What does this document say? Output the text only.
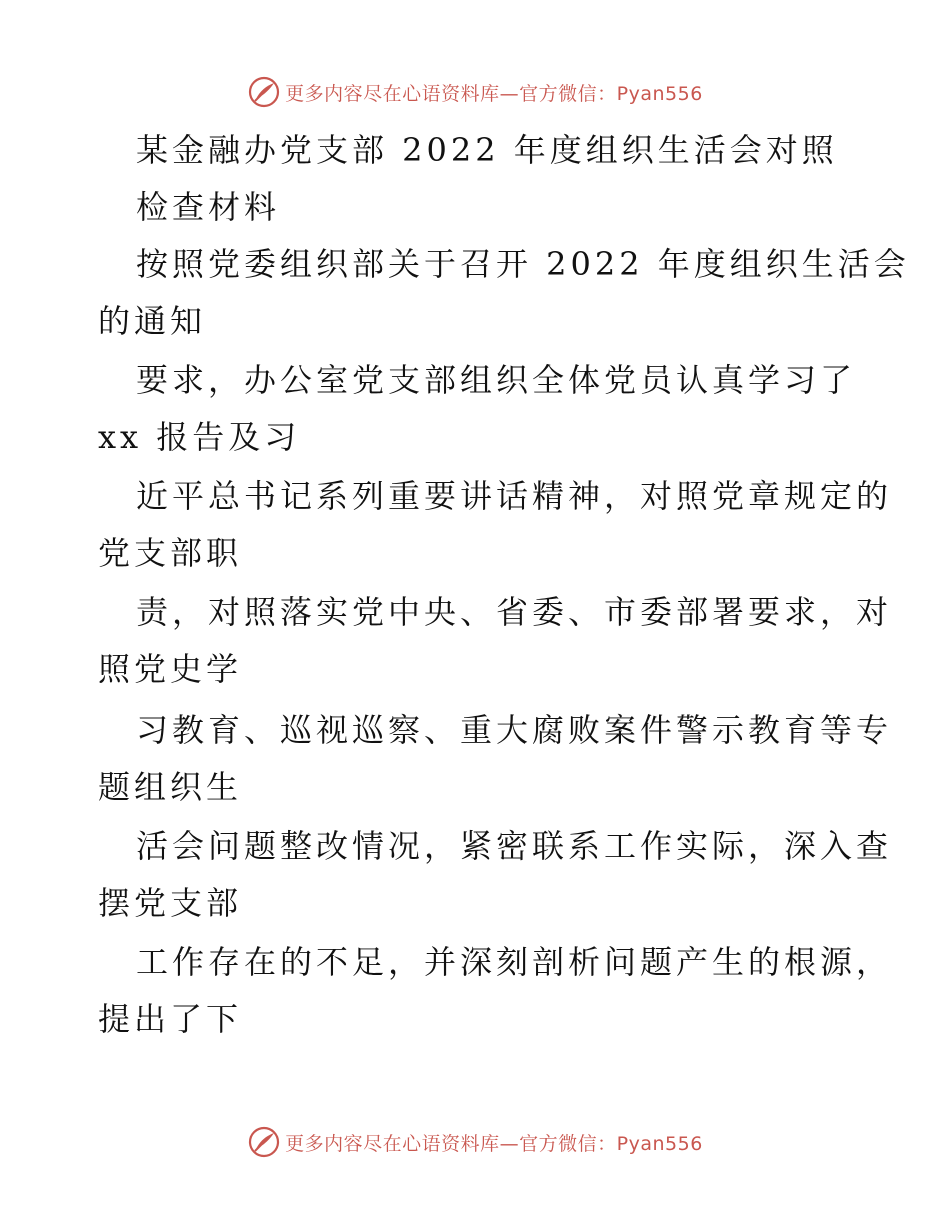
更多内容尽在心语资料库—官方微信：Pyan556
某金融办党支部 2022 年度组织生活会对照
检查材料
按照党委组织部关于召开 2022 年度组织生活会
的通知
要求，办公室党支部组织全体党员认真学习了
xx 报告及习
近平总书记系列重要讲话精神，对照党章规定的
党支部职
责，对照落实党中央、省委、市委部署要求，对
照党史学
习教育、巡视巡察、重大腐败案件警示教育等专
题组织生
活会问题整改情况，紧密联系工作实际，深入查
摆党支部
工作存在的不足，并深刻剖析问题产生的根源，
提出了下
更多内容尽在心语资料库—官方微信：Pyan556
